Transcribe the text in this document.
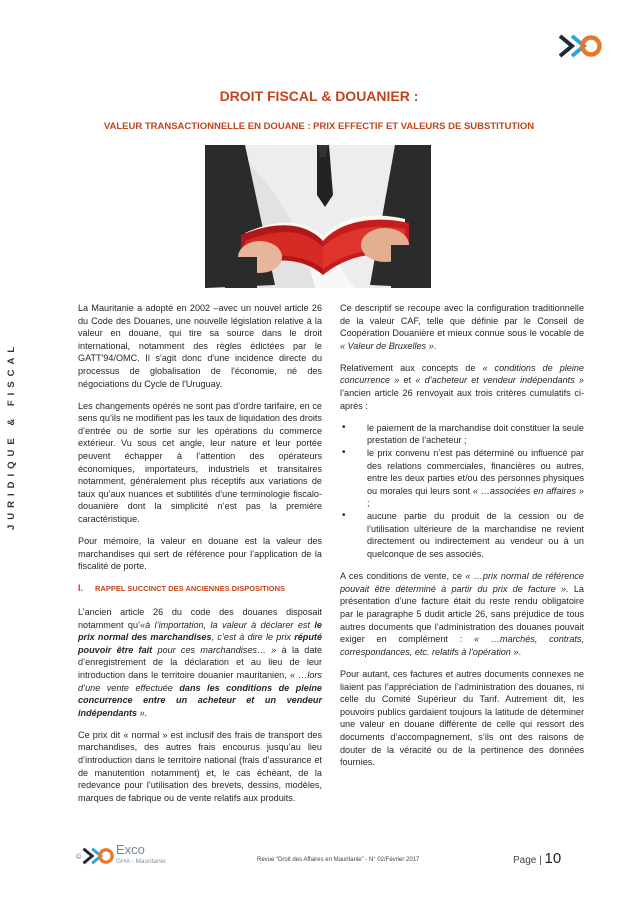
JURIDIQUE & FISCAL
DROIT FISCAL & DOUANIER :
VALEUR TRANSACTIONNELLE EN DOUANE : PRIX EFFECTIF ET VALEURS DE SUBSTITUTION

La Mauritanie a adopté en 2002 –avec un nouvel article 26 du Code des Douanes, une nouvelle législation relative à la valeur en douane, qui tire sa source dans le droit international, notamment des règles édictées par le GATT'94/OMC. Il s'agit donc d'une incidence directe du processus de globalisation de l'économie, né des négociations du Cycle de l'Uruguay.

Les changements opérés ne sont pas d’ordre tarifaire, en ce sens qu’ils ne modifient pas les taux de liquidation des droits d’entrée ou de sortie sur les opérations du commerce extérieur. Vu sous cet angle, leur nature et leur portée peuvent échapper à l’attention des opérateurs économiques, importateurs, industriels et transitaires notamment, généralement plus réceptifs aux variations de taux qu’aux nuances et subtilités d’une terminologie fiscalo-douanière dont la simplicité n’est pas la première caractéristique.

Pour mémoire, la valeur en douane est la valeur des marchandises qui sert de référence pour l’application de la fiscalité de porte.

I. RAPPEL SUCCINCT DES ANCIENNES DISPOSITIONS

L’ancien article 26 du code des douanes disposait notamment qu’«à l’importation, la valeur à déclarer est le prix normal des marchandises, c’est à dire le prix réputé pouvoir être fait pour ces marchandises… » à la date d’enregistrement de la déclaration et au lieu de leur introduction dans le territoire douanier mauritanien, « …lors d’une vente effectuée dans les conditions de pleine concurrence entre un acheteur et un vendeur indépendants ».

Ce prix dit « normal » est inclusif des frais de transport des marchandises, des autres frais encourus jusqu’au lieu d’introduction dans le territoire national (frais d’assurance et de manutention notamment) et, le cas échéant, de la redevance pour l’utilisation des brevets, dessins, modèles, marques de fabrique ou de vente relatifs aux produits.

Ce descriptif se recoupe avec la configuration traditionnelle de la valeur CAF, telle que définie par le Conseil de Coopération Douanière et mieux connue sous le vocable de « Valeur de Bruxelles ».

Relativement aux concepts de « conditions de pleine concurrence » et « d’acheteur et vendeur indépendants » l’ancien article 26 renvoyait aux trois critères cumulatifs ci-après :

• le paiement de la marchandise doit constituer la seule prestation de l’acheteur ;
• le prix convenu n’est pas déterminé ou influencé par des relations commerciales, financières ou autres, entre les deux parties et/ou des personnes physiques ou morales qui leurs sont « …associées en affaires » ;
• aucune partie du produit de la cession ou de l’utilisation ultérieure de la marchandise ne revient directement ou indirectement au vendeur ou à un quelconque de ses associés.

A ces conditions de vente, ce « …prix normal de référence pouvait être déterminé à partir du prix de facture ». La présentation d’une facture était du reste rendu obligatoire par le paragraphe 5 dudit article 26, sans préjudice de tous autres documents que l’administration des douanes pouvait exiger en complément : « …marchés, contrats, correspondances, etc. relatifs à l’opération ».

Pour autant, ces factures et autres documents connexes ne liaient pas l’appréciation de l’administration des douanes, ni celle du Comité Supérieur du Tarif. Autrement dit, les pouvoirs publics gardaient toujours la latitude de déterminer une valeur en douane différente de celle qui ressort des documents d’accompagnement, s’ils ont des raisons de douter de la véracité ou de la pertinence des données fournies.

©
Exco
GHA - Mauritanie	Revue “Droit des Affaires en Mauritanie” - N° 02/Février 2017	Page | 10
